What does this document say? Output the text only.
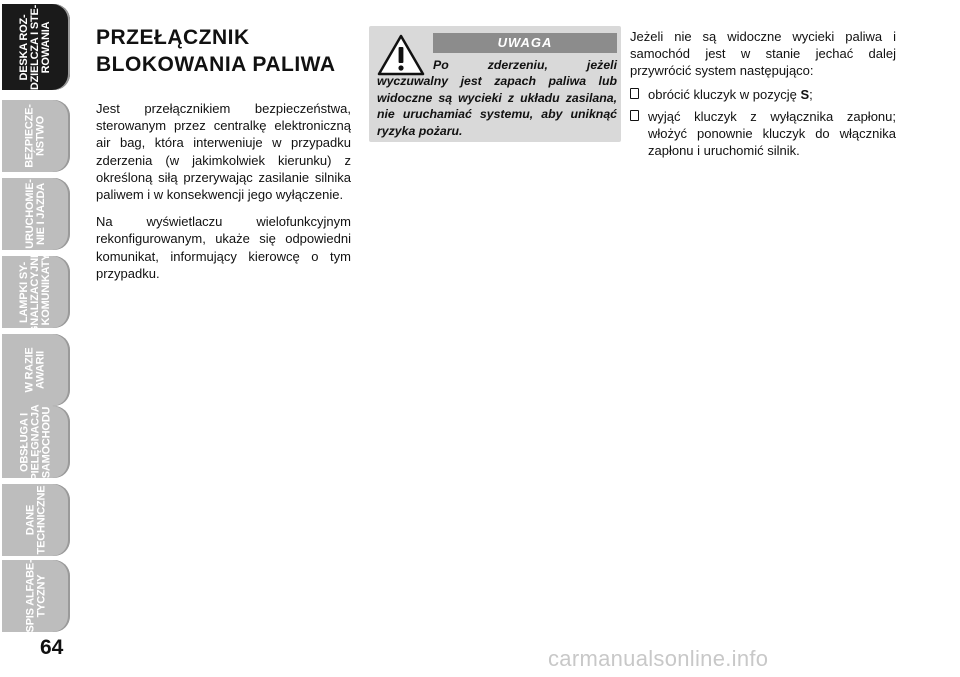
DESKA ROZ-
DZIELCZA I STE-
ROWANIA
BEZPIECZE-
ŃSTWO
URUCHOMIE-
NIE I JAZDA
LAMPKI SY-
GNALIZACYJNE
I KOMUNIKATY
W RAZIE
AWARII
OBSŁUGA I
PIELĘGNACJA
SAMOCHODU
DANE
TECHNICZNE
SPIS ALFABE-
TYCZNY
64
PRZEŁĄCZNIK
BLOKOWANIA PALIWA

Jest przełącznikiem bezpieczeństwa, sterowanym przez centralkę elektroniczną air bag, która interweniuje w przypadku zderzenia (w jakimkolwiek kierunku) z określoną siłą przerywając zasilanie silnika paliwem i w konsekwencji jego wyłączenie.

Na wyświetlaczu wielofunkcyjnym rekonfigurowanym, ukaże się odpowiedni komunikat, informujący kierowcę o tym przypadku.

UWAGA

Po zderzeniu, jeżeli wyczuwalny jest zapach paliwa lub widoczne są wycieki z układu zasilana, nie uruchamiać systemu, aby uniknąć ryzyka pożaru.

Jeżeli nie są widoczne wycieki paliwa i samochód jest w stanie jechać dalej przywrócić system następująco:

obrócić kluczyk w pozycję S;
wyjąć kluczyk z wyłącznika zapłonu; włożyć ponownie kluczyk do włącznika zapłonu i uruchomić silnik.
carmanualsonline.info
